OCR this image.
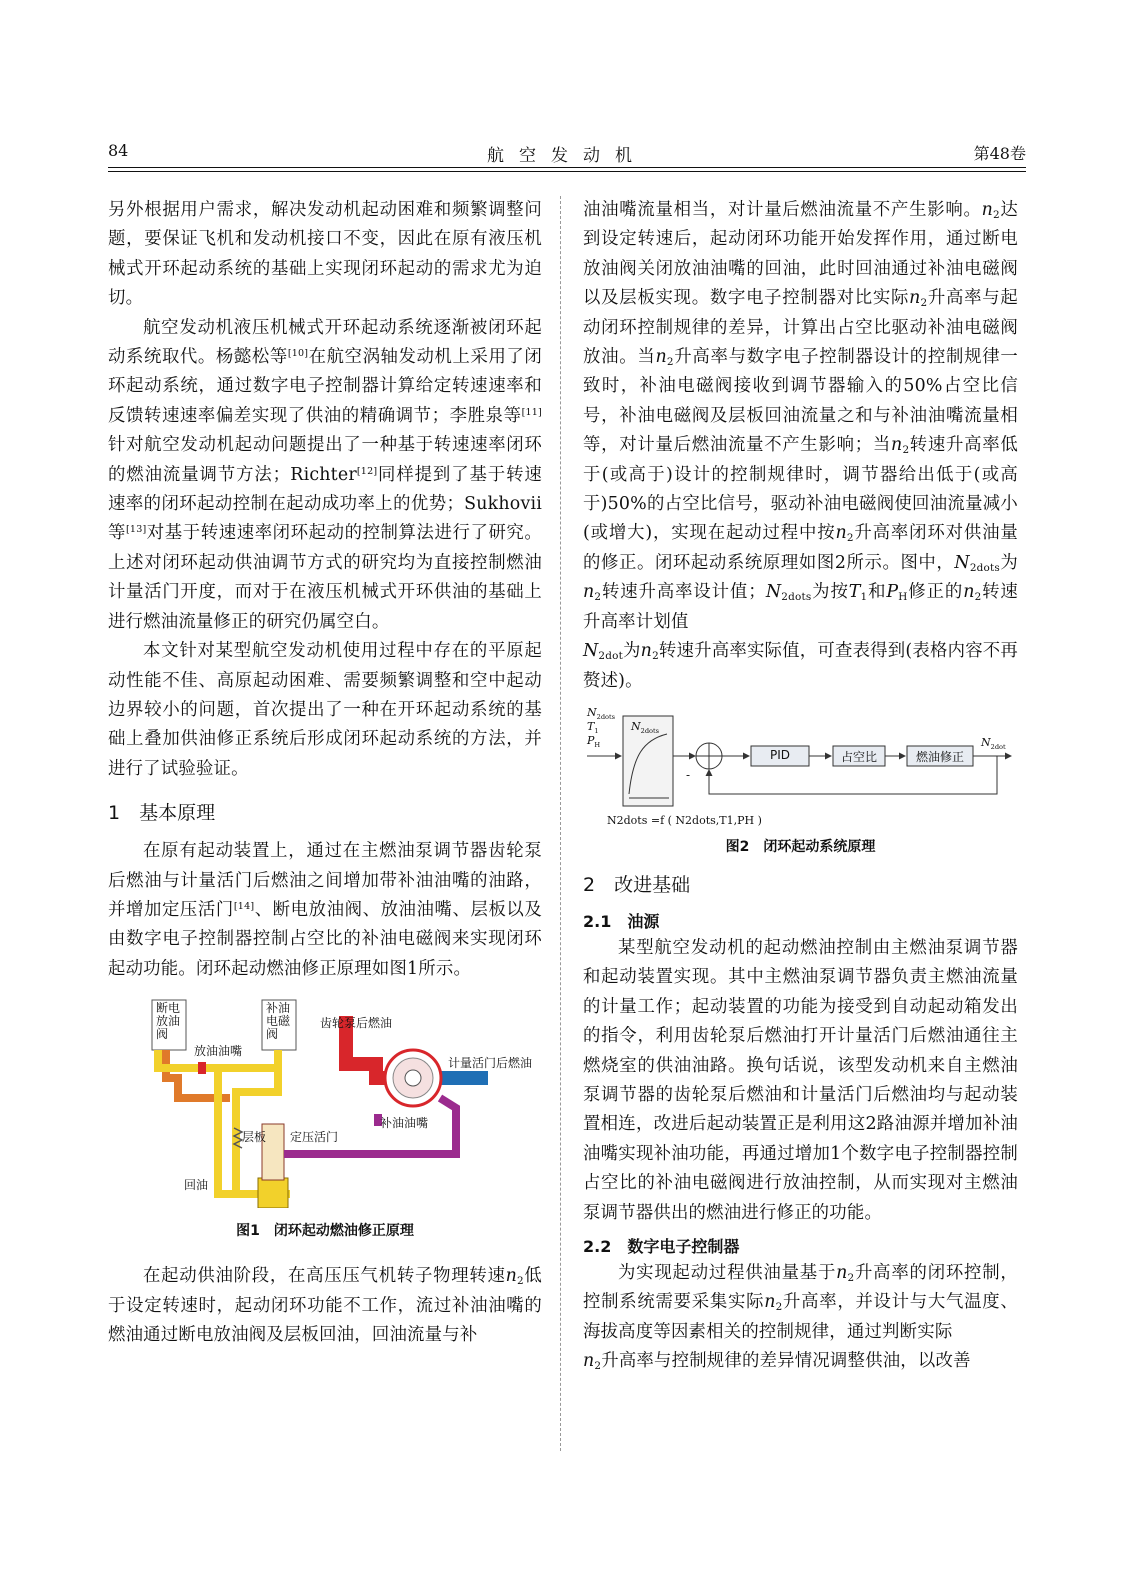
84	航空发动机	第48卷

另外根据用户需求，解决发动机起动困难和频繁调整问题，要保证飞机和发动机接口不变，因此在原有液压机械式开环起动系统的基础上实现闭环起动的需求尤为迫切。

航空发动机液压机械式开环起动系统逐渐被闭环起动系统取代。杨懿松等[10]在航空涡轴发动机上采用了闭环起动系统，通过数字电子控制器计算给定转速速率和反馈转速速率偏差实现了供油的精确调节；李胜泉等[11]针对航空发动机起动问题提出了一种基于转速速率闭环的燃油流量调节方法；Richter[12]同样提到了基于转速速率的闭环起动控制在起动成功率上的优势；Sukhovii 等[13]对基于转速速率闭环起动的控制算法进行了研究。上述对闭环起动供油调节方式的研究均为直接控制燃油计量活门开度，而对于在液压机械式开环供油的基础上进行燃油流量修正的研究仍属空白。

本文针对某型航空发动机使用过程中存在的平原起动性能不佳、高原起动困难、需要频繁调整和空中起动边界较小的问题，首次提出了一种在开环起动系统的基础上叠加供油修正系统后形成闭环起动系统的方法，并进行了试验验证。

1　基本原理

在原有起动装置上，通过在主燃油泵调节器齿轮泵后燃油与计量活门后燃油之间增加带补油油嘴的油路，并增加定压活门[14]、断电放油阀、放油油嘴、层板以及由数字电子控制器控制占空比的补油电磁阀来实现闭环起动功能。闭环起动燃油修正原理如图1所示。

断电放油阀
补油电磁阀
放油油嘴
齿轮泵后燃油
计量活门后燃油
补油油嘴
层板 定压活门
回油
图1　闭环起动燃油修正原理

在起动供油阶段，在高压压气机转子物理转速$n_2$低于设定转速时，起动闭环功能不工作，流过补油油嘴的燃油通过断电放油阀及层板回油，回油流量与补

油油嘴流量相当，对计量后燃油流量不产生影响。$n_2$达到设定转速后，起动闭环功能开始发挥作用，通过断电放油阀关闭放油油嘴的回油，此时回油通过补油电磁阀以及层板实现。数字电子控制器对比实际$n_2$升高率与起动闭环控制规律的差异，计算出占空比驱动补油电磁阀放油。当$n_2$升高率与数字电子控制器设计的控制规律一致时，补油电磁阀接收到调节器输入的50%占空比信号，补油电磁阀及层板回油流量之和与补油油嘴流量相等，对计量后燃油流量不产生影响；当$n_2$转速升高率低于(或高于)设计的控制规律时，调节器给出低于(或高于)50%的占空比信号，驱动补油电磁阀使回油流量减小(或增大)，实现在起动过程中按$n_2$升高率闭环对供油量的修正。闭环起动系统原理如图2所示。图中，$N_{2dots}$为$n_2$转速升高率设计值；$N_{2dots}$为按$T_1$和$P_H$修正的$n_2$转速升高率计划值
$N_{2dot}$为$n_2$转速升高率实际值，可查表得到(表格内容不再赘述)。

$N_{2dots}$
$T_1$
$P_H$
$N_{2dots}$
-
PID	占空比	燃油修正
$N_{2dot}$
N2dots =f ( N2dots,T1,PH )
图2　闭环起动系统原理
2　改进基础
2.1　油源

某型航空发动机的起动燃油控制由主燃油泵调节器和起动装置实现。其中主燃油泵调节器负责主燃油流量的计量工作；起动装置的功能为接受到自动起动箱发出的指令，利用齿轮泵后燃油打开计量活门后燃油通往主燃烧室的供油油路。换句话说，该型发动机来自主燃油泵调节器的齿轮泵后燃油和计量活门后燃油均与起动装置相连，改进后起动装置正是利用这2路油源并增加补油油嘴实现补油功能，再通过增加1个数字电子控制器控制占空比的补油电磁阀进行放油控制，从而实现对主燃油泵调节器供出的燃油进行修正的功能。

2.2　数字电子控制器

为实现起动过程供油量基于$n_2$升高率的闭环控制，控制系统需要采集实际$n_2$升高率，并设计与大气温度、海拔高度等因素相关的控制规律，通过判断实际
$n_2$升高率与控制规律的差异情况调整供油，以改善
